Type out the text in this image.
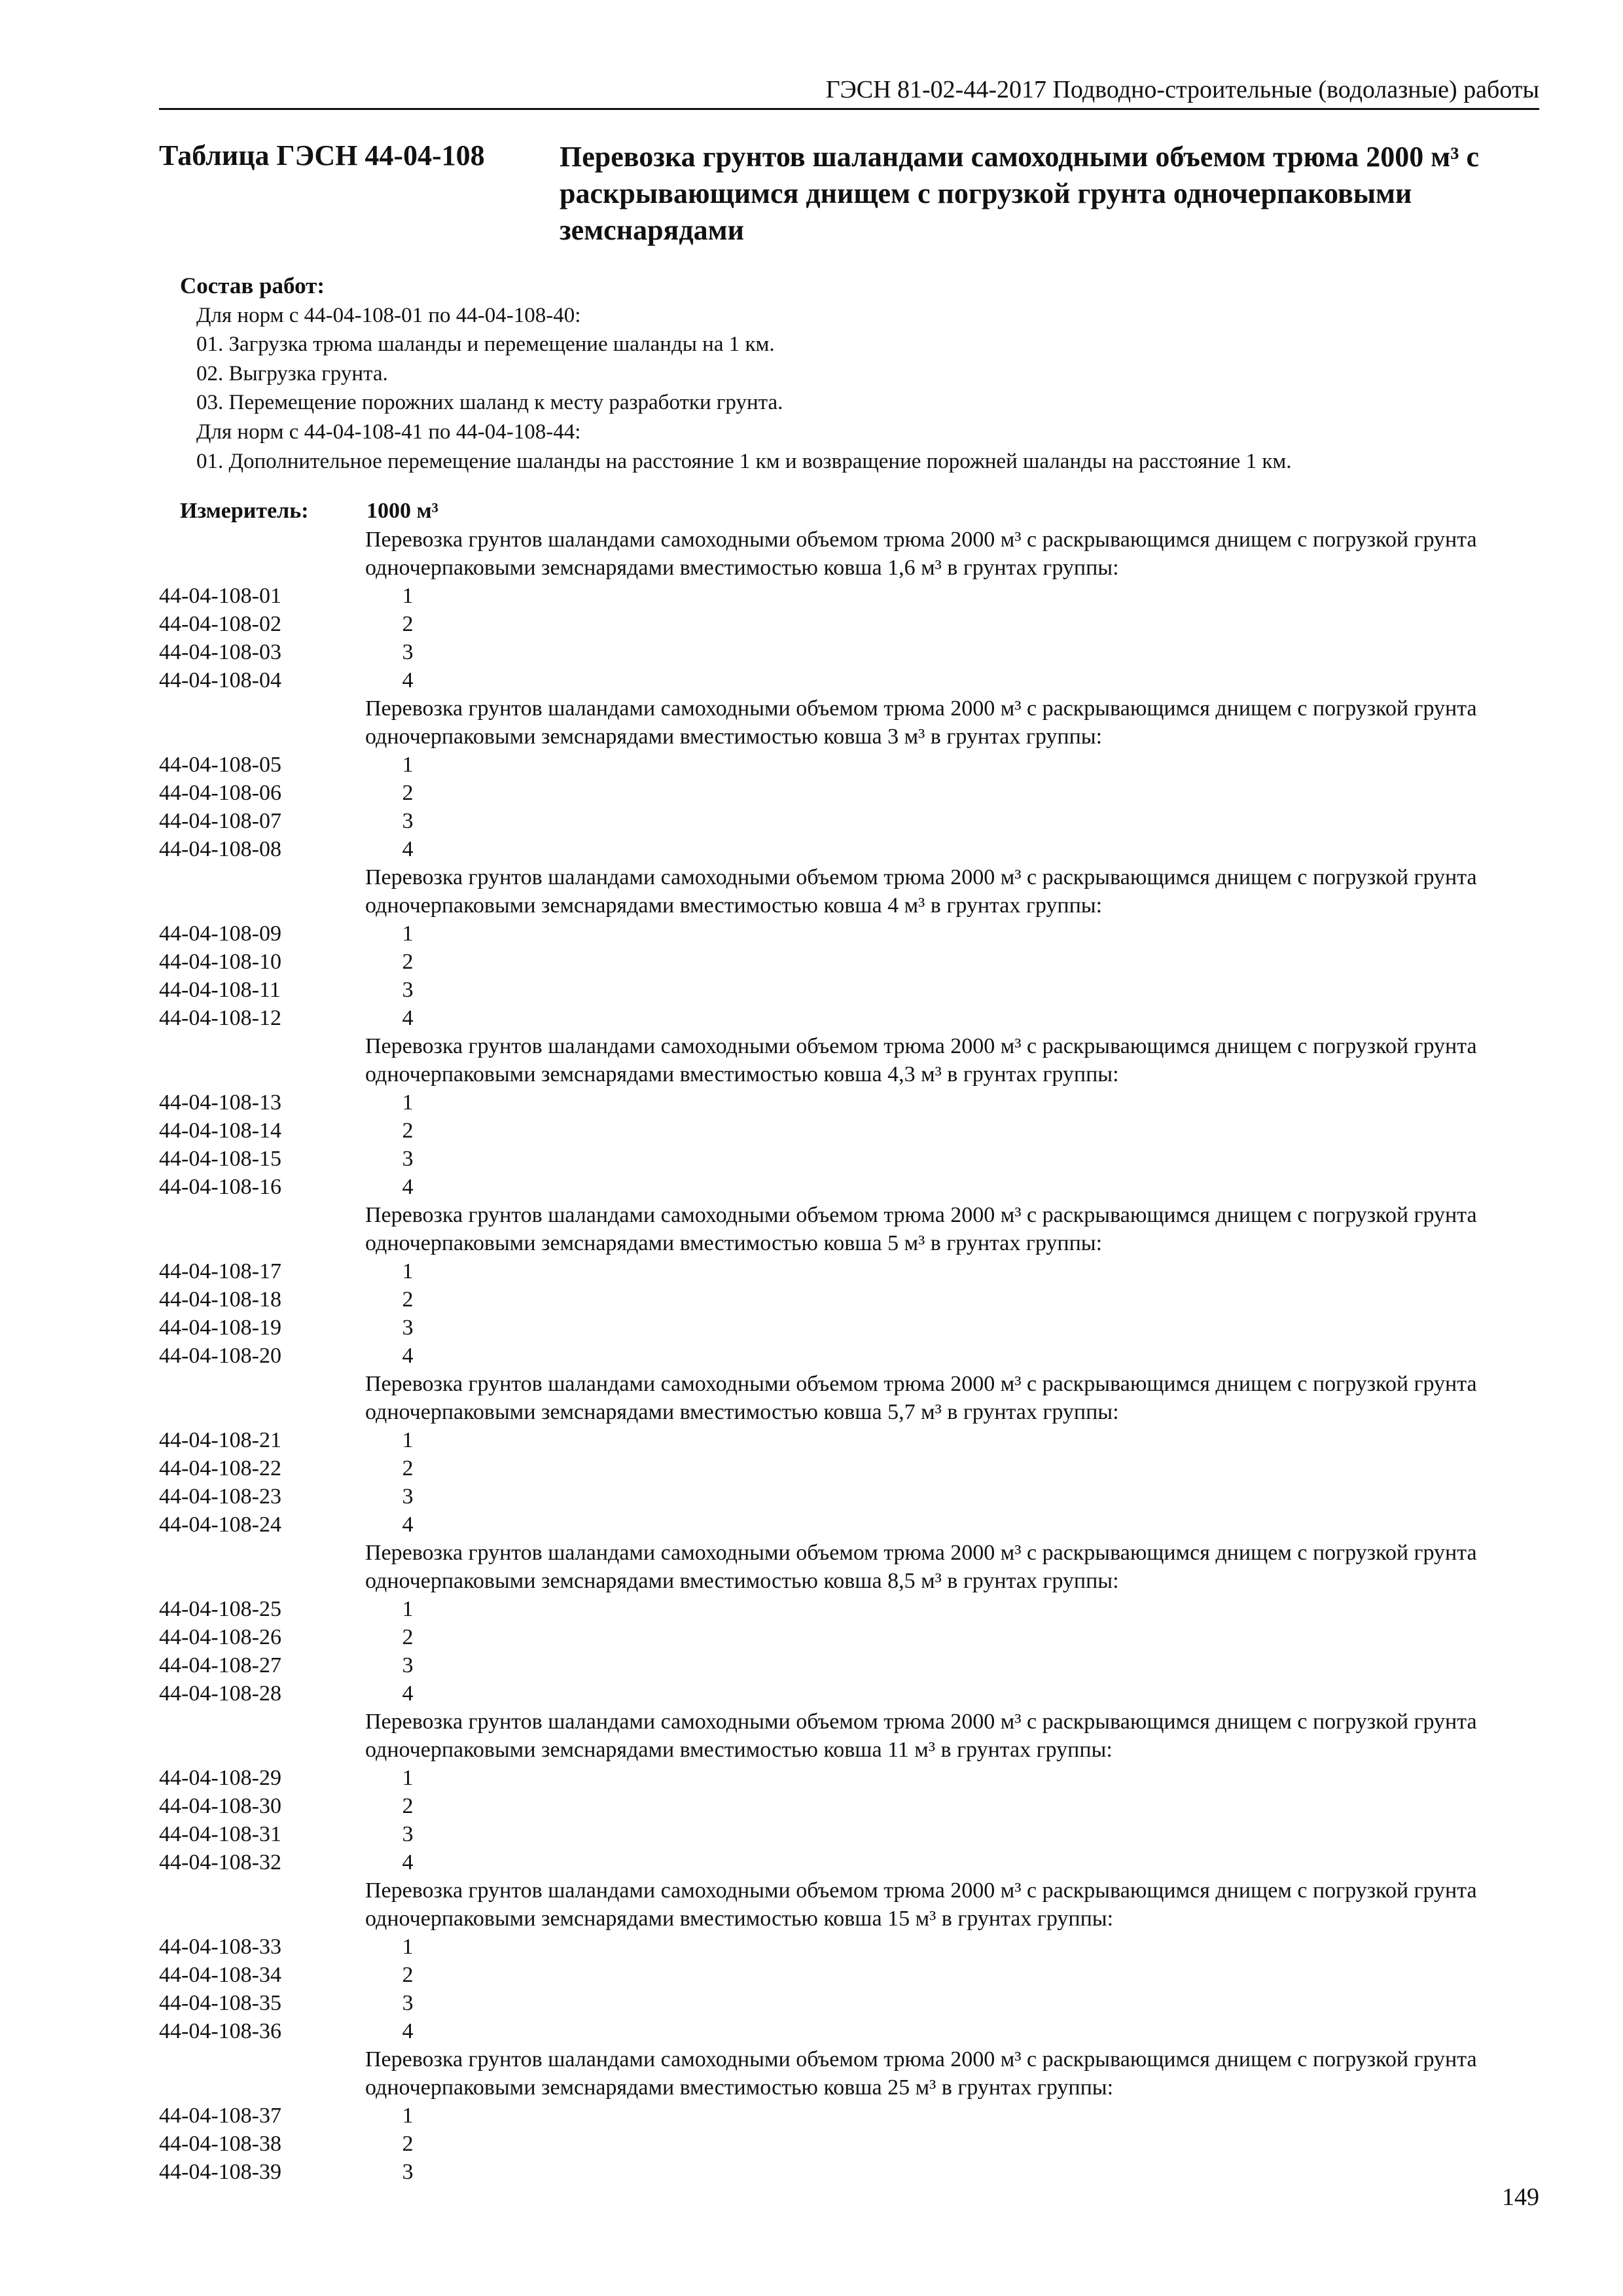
ГЭСН 81-02-44-2017 Подводно-строительные (водолазные) работы
Таблица ГЭСН 44-04-108	Перевозка грунтов шаландами самоходными объемом трюма 2000 м³ с раскрывающимся днищем с погрузкой грунта одночерпаковыми земснарядами
Состав работ:
Для норм с 44-04-108-01 по 44-04-108-40:
01. Загрузка трюма шаланды и перемещение шаланды на 1 км.
02. Выгрузка грунта.
03. Перемещение порожних шаланд к месту разработки грунта.
Для норм с 44-04-108-41 по 44-04-108-44:
01. Дополнительное перемещение шаланды на расстояние 1 км и возвращение порожней шаланды на расстояние 1 км.
Измеритель:	1000 м³
Перевозка грунтов шаландами самоходными объемом трюма 2000 м³ с раскрывающимся днищем с погрузкой грунта одночерпаковыми земснарядами вместимостью ковша 1,6 м³ в грунтах группы:
44-04-108-01	1
44-04-108-02	2
44-04-108-03	3
44-04-108-04	4
Перевозка грунтов шаландами самоходными объемом трюма 2000 м³ с раскрывающимся днищем с погрузкой грунта одночерпаковыми земснарядами вместимостью ковша 3 м³ в грунтах группы:
44-04-108-05	1
44-04-108-06	2
44-04-108-07	3
44-04-108-08	4
Перевозка грунтов шаландами самоходными объемом трюма 2000 м³ с раскрывающимся днищем с погрузкой грунта одночерпаковыми земснарядами вместимостью ковша 4 м³ в грунтах группы:
44-04-108-09	1
44-04-108-10	2
44-04-108-11	3
44-04-108-12	4
Перевозка грунтов шаландами самоходными объемом трюма 2000 м³ с раскрывающимся днищем с погрузкой грунта одночерпаковыми земснарядами вместимостью ковша 4,3 м³ в грунтах группы:
44-04-108-13	1
44-04-108-14	2
44-04-108-15	3
44-04-108-16	4
Перевозка грунтов шаландами самоходными объемом трюма 2000 м³ с раскрывающимся днищем с погрузкой грунта одночерпаковыми земснарядами вместимостью ковша 5 м³ в грунтах группы:
44-04-108-17	1
44-04-108-18	2
44-04-108-19	3
44-04-108-20	4
Перевозка грунтов шаландами самоходными объемом трюма 2000 м³ с раскрывающимся днищем с погрузкой грунта одночерпаковыми земснарядами вместимостью ковша 5,7 м³ в грунтах группы:
44-04-108-21	1
44-04-108-22	2
44-04-108-23	3
44-04-108-24	4
Перевозка грунтов шаландами самоходными объемом трюма 2000 м³ с раскрывающимся днищем с погрузкой грунта одночерпаковыми земснарядами вместимостью ковша 8,5 м³ в грунтах группы:
44-04-108-25	1
44-04-108-26	2
44-04-108-27	3
44-04-108-28	4
Перевозка грунтов шаландами самоходными объемом трюма 2000 м³ с раскрывающимся днищем с погрузкой грунта одночерпаковыми земснарядами вместимостью ковша 11 м³ в грунтах группы:
44-04-108-29	1
44-04-108-30	2
44-04-108-31	3
44-04-108-32	4
Перевозка грунтов шаландами самоходными объемом трюма 2000 м³ с раскрывающимся днищем с погрузкой грунта одночерпаковыми земснарядами вместимостью ковша 15 м³ в грунтах группы:
44-04-108-33	1
44-04-108-34	2
44-04-108-35	3
44-04-108-36	4
Перевозка грунтов шаландами самоходными объемом трюма 2000 м³ с раскрывающимся днищем с погрузкой грунта одночерпаковыми земснарядами вместимостью ковша 25 м³ в грунтах группы:
44-04-108-37	1
44-04-108-38	2
44-04-108-39	3
149
